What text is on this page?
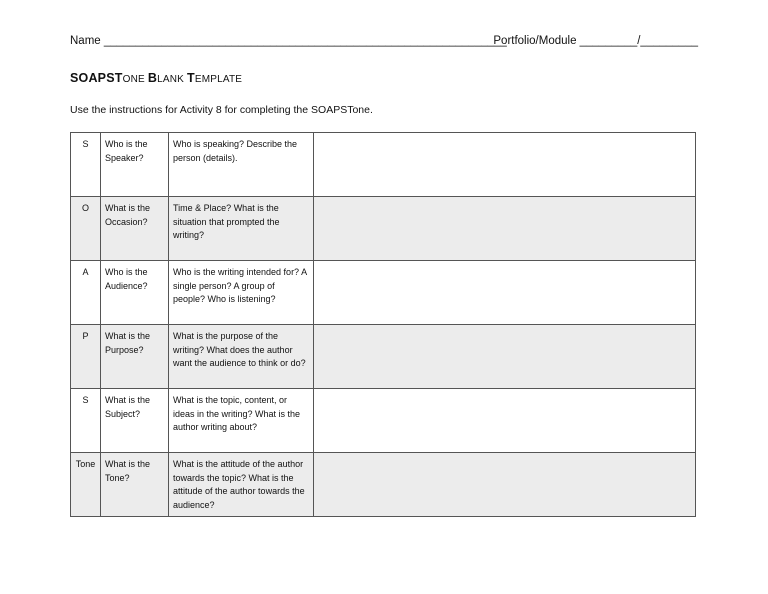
Name _______________________________________________________________
Portfolio/Module _________/_________
SOAPSTONE BLANK TEMPLATE
Use the instructions for Activity 8 for completing the SOAPSTone.
S	Who is the Speaker?	Who is speaking? Describe the person (details).	
O	What is the Occasion?	Time & Place? What is the situation that prompted the writing?	
A	Who is the Audience?	Who is the writing intended for? A single person? A group of people? Who is listening?	
P	What is the Purpose?	What is the purpose of the writing? What does the author want the audience to think or do?	
S	What is the Subject?	What is the topic, content, or ideas in the writing? What is the author writing about?	
Tone	What is the Tone?	What is the attitude of the author towards the topic? What is the attitude of the author towards the audience?	
